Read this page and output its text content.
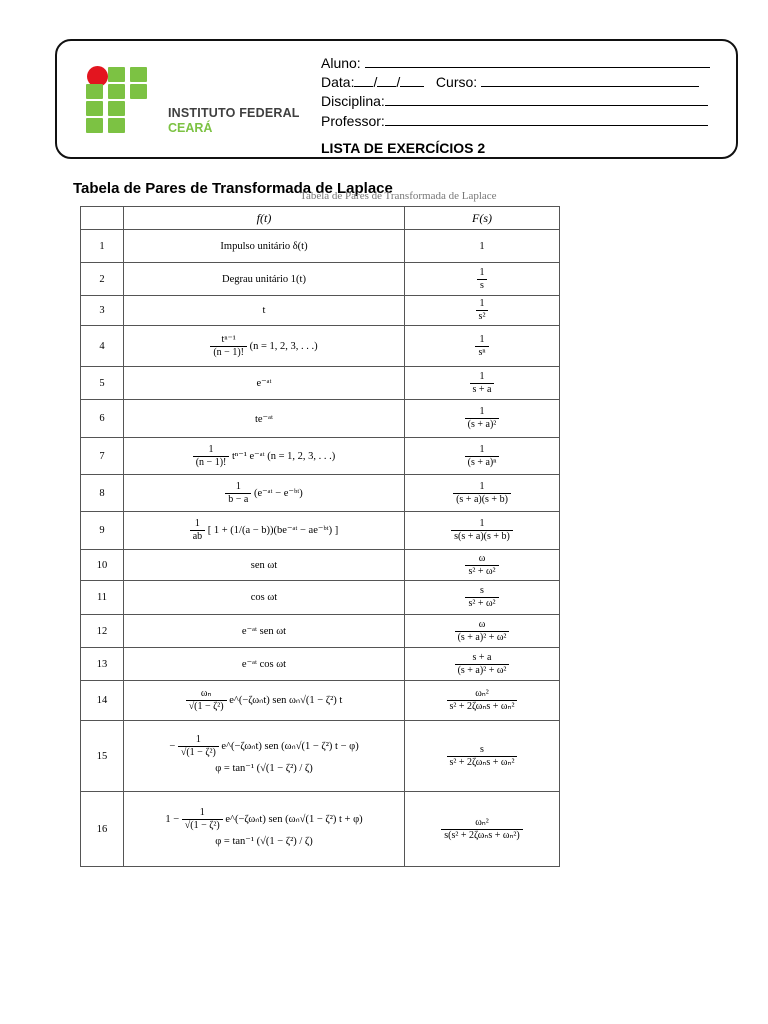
INSTITUTO FEDERAL
CEARÁ
Aluno:
Data: / /	Curso:
Disciplina:
Professor:
LISTA DE EXERCÍCIOS 2
Tabela de Pares de Transformada de Laplace
Tabela de Pares de Transformada de Laplace
	f(t)	F(s)
1	Impulso unitário δ(t)	1
2	Degrau unitário 1(t)	$\frac{1}{s}$

3	t	$\frac{1}{\text{s²}}$

4	$\frac{\text{tⁿ⁻¹}}{(n - 1)!} (n = 1$, 2, 3, . . .)	$\frac{1}{\text{sⁿ}}$

5	e⁻ᵃᵗ	$\frac{1}{s + a}$

6	te⁻ᵃᵗ	$\frac{1}{\text{(s + a)²}}$

7	$\frac{1}{(n - 1)!} t^{n-1}$ e⁻ᵃᵗ (n = 1, 2, 3, . . .)	$\frac{1}{\text{(s + a)ⁿ}}$

8	$\frac{1}{b - a}$ (e⁻ᵃᵗ − e⁻ᵇᵗ)	$\frac{1}{(s + a)(s + b)}$

9	$\frac{1}{ab}$ [ 1 + (1/(a − b))(be⁻ᵃᵗ − ae⁻ᵇᵗ) ]	$\frac{1}{s(s + a)(s + b)}$

10	sen ωt	$\frac{\omega}{\text{s² + ω²}}$

11	cos ωt	$\frac{s}{\text{s² + ω²}}$

12	e⁻ᵃᵗ sen ωt	$\frac{\omega}{\text{(s + a)² + ω²}}$

13	e⁻ᵃᵗ cos ωt	$\frac{s + a}{\text{(s + a)² + ω²}}$

14	$\frac{\text{ωₙ}}{\text{√(1 − ζ²)}}$ e^(−ζωₙt) sen ωₙ√(1 − ζ²) t	$\frac{\text{ωₙ²}}{\text{s² + 2ζωₙs + ωₙ²}}$

15	− $\frac{1}{\text{√(1 − ζ²)}}$ e^(−ζωₙt) sen (ωₙ√(1 − ζ²) t − φ)
φ = tan⁻¹ (√(1 − ζ²) / ζ)	$\frac{s}{\text{s² + 2ζωₙs + ωₙ²}}$

16	$1 - \frac{1}{\text{√(1 − ζ²)}}$ e^(−ζωₙt) sen (ωₙ√(1 − ζ²) t + φ)
φ = tan⁻¹ (√(1 − ζ²) / ζ)	$\frac{\text{ωₙ²}}{\text{s(s² + 2ζωₙs + ωₙ²)}}$
